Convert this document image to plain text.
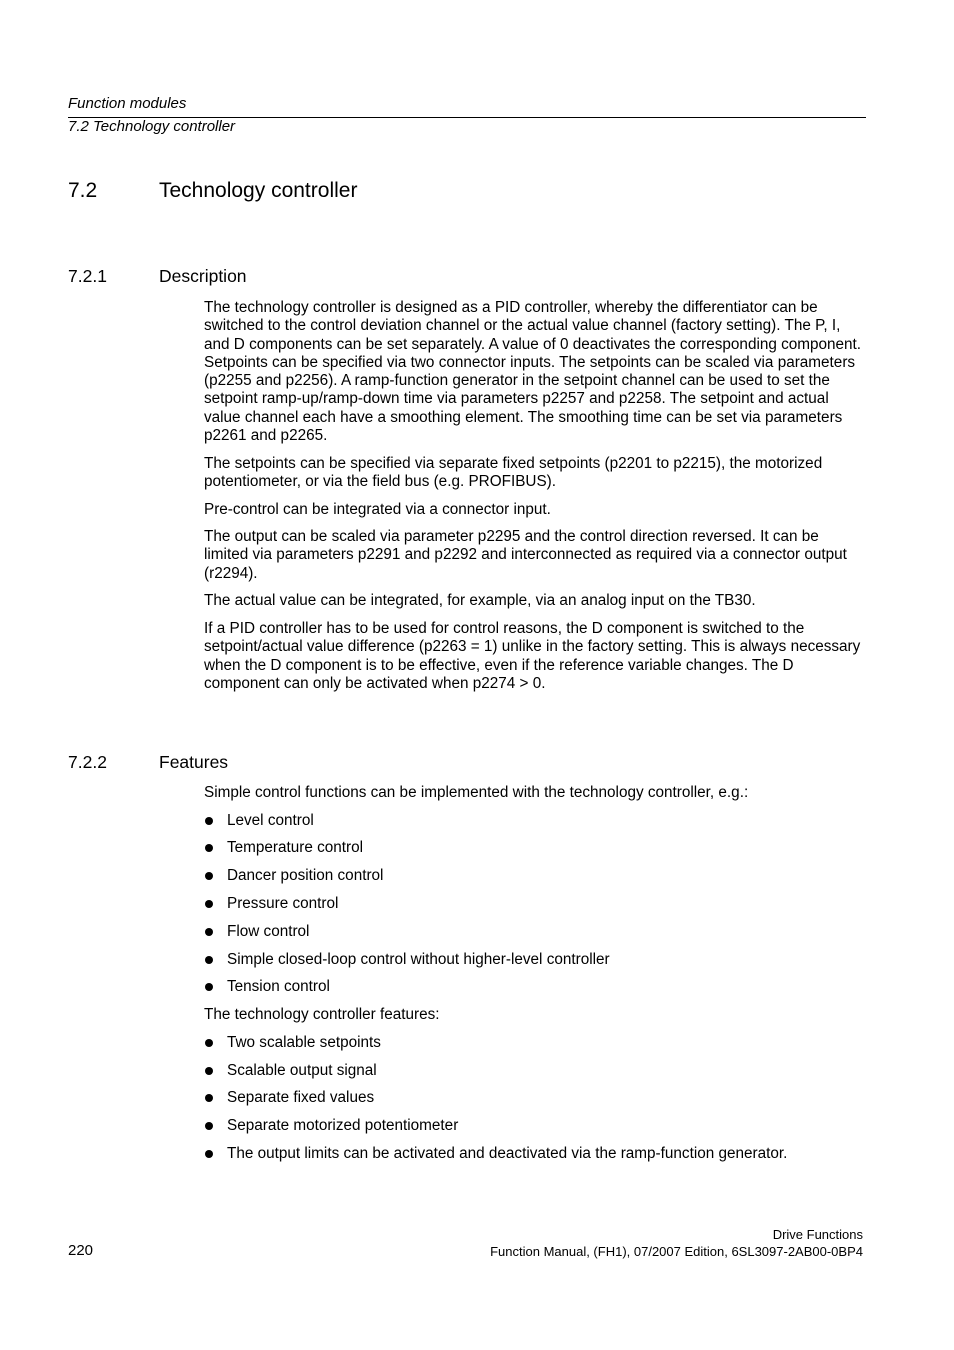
Function modules
7.2 Technology controller
7.2	Technology controller
7.2.1	Description

The technology controller is designed as a PID controller, whereby the differentiator can be switched to the control deviation channel or the actual value channel (factory setting). The P, I, and D components can be set separately. A value of 0 deactivates the corresponding component. Setpoints can be specified via two connector inputs. The setpoints can be scaled via parameters (p2255 and p2256). A ramp-function generator in the setpoint channel can be used to set the setpoint ramp-up/ramp-down time via parameters p2257 and p2258. The setpoint and actual value channel each have a smoothing element. The smoothing time can be set via parameters p2261 and p2265.

The setpoints can be specified via separate fixed setpoints (p2201 to p2215), the motorized potentiometer, or via the field bus (e.g. PROFIBUS).

Pre-control can be integrated via a connector input.

The output can be scaled via parameter p2295 and the control direction reversed. It can be limited via parameters p2291 and p2292 and interconnected as required via a connector output (r2294).

The actual value can be integrated, for example, via an analog input on the TB30.

If a PID controller has to be used for control reasons, the D component is switched to the setpoint/actual value difference (p2263 = 1) unlike in the factory setting. This is always necessary when the D component is to be effective, even if the reference variable changes. The D component can only be activated when p2274 > 0.

7.2.2	Features

Simple control functions can be implemented with the technology controller, e.g.:

Level control
Temperature control
Dancer position control
Pressure control
Flow control
Simple closed-loop control without higher-level controller
Tension control

The technology controller features:

Two scalable setpoints
Scalable output signal
Separate fixed values
Separate motorized potentiometer
The output limits can be activated and deactivated via the ramp-function generator.
Drive Functions
220	Function Manual, (FH1), 07/2007 Edition, 6SL3097-2AB00-0BP4
